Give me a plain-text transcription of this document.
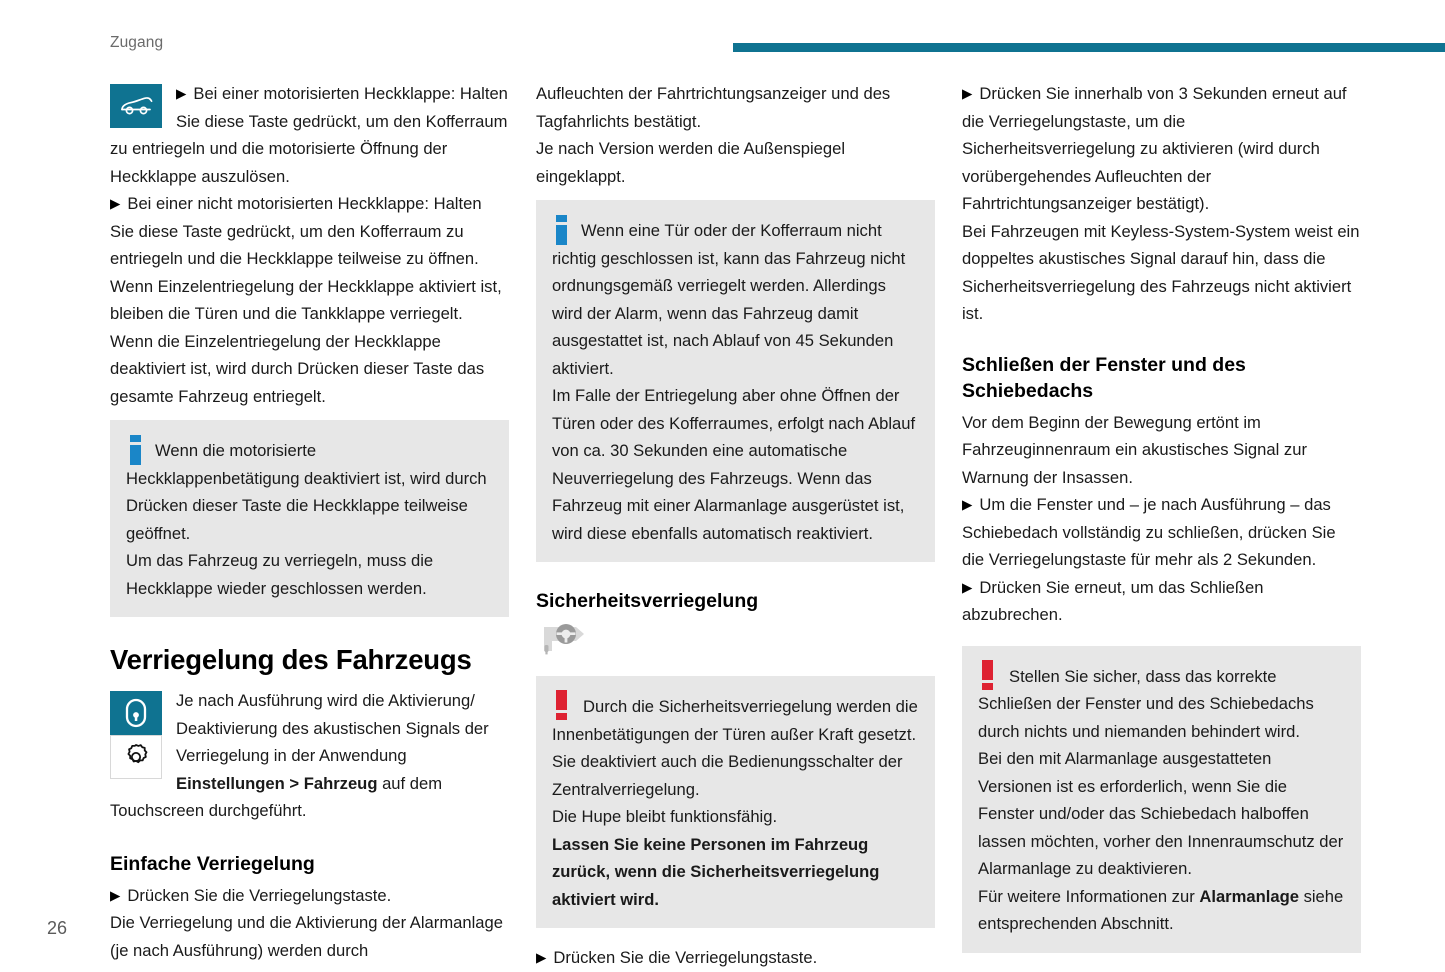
Zugang

▶ Bei einer motorisierten Heckklappe: Halten Sie diese Taste gedrückt, um den Kofferraum zu entriegeln und die motorisierte Öffnung der Heckklappe auszulösen.

▶ Bei einer nicht motorisierten Heckklappe: Halten Sie diese Taste gedrückt, um den Kofferraum zu entriegeln und die Heckklappe teilweise zu öffnen. Wenn Einzelentriegelung der Heckklappe aktiviert ist, bleiben die Türen und die Tankklappe verriegelt. Wenn die Einzelentriegelung der Heckklappe deaktiviert ist, wird durch Drücken dieser Taste das gesamte Fahrzeug entriegelt.

Wenn die motorisierte Heckklappenbetätigung deaktiviert ist, wird durch Drücken dieser Taste die Heckklappe teilweise geöffnet.

Um das Fahrzeug zu verriegeln, muss die Heckklappe wieder geschlossen werden.

Verriegelung des Fahrzeugs

Je nach Ausführung wird die Aktivierung/ Deaktivierung des akustischen Signals der Verriegelung in der Anwendung Einstellungen > Fahrzeug auf dem Touchscreen durchgeführt.

Einfache Verriegelung

▶ Drücken Sie die Verriegelungstaste.

Die Verriegelung und die Aktivierung der Alarmanlage (je nach Ausführung) werden durch

Aufleuchten der Fahrtrichtungsanzeiger und des Tagfahrlichts bestätigt.

Je nach Version werden die Außenspiegel eingeklappt.

Wenn eine Tür oder der Kofferraum nicht richtig geschlossen ist, kann das Fahrzeug nicht ordnungsgemäß verriegelt werden. Allerdings wird der Alarm, wenn das Fahrzeug damit ausgestattet ist, nach Ablauf von 45 Sekunden aktiviert.

Im Falle der Entriegelung aber ohne Öffnen der Türen oder des Kofferraumes, erfolgt nach Ablauf von ca. 30 Sekunden eine automatische Neuverriegelung des Fahrzeugs. Wenn das Fahrzeug mit einer Alarmanlage ausgerüstet ist, wird diese ebenfalls automatisch reaktiviert.

Sicherheitsverriegelung

Durch die Sicherheitsverriegelung werden die Innenbetätigungen der Türen außer Kraft gesetzt. Sie deaktiviert auch die Bedienungsschalter der Zentralverriegelung.

Die Hupe bleibt funktionsfähig.

Lassen Sie keine Personen im Fahrzeug zurück, wenn die Sicherheitsverriegelung aktiviert wird.

▶ Drücken Sie die Verriegelungstaste.

▶ Drücken Sie innerhalb von 3 Sekunden erneut auf die Verriegelungstaste, um die Sicherheitsverriegelung zu aktivieren (wird durch vorübergehendes Aufleuchten der Fahrtrichtungsanzeiger bestätigt).

Bei Fahrzeugen mit Keyless-System-System weist ein doppeltes akustisches Signal darauf hin, dass die Sicherheitsverriegelung des Fahrzeugs nicht aktiviert ist.

Schließen der Fenster und des Schiebedachs

Vor dem Beginn der Bewegung ertönt im Fahrzeuginnenraum ein akustisches Signal zur Warnung der Insassen.

▶ Um die Fenster und – je nach Ausführung – das Schiebedach vollständig zu schließen, drücken Sie die Verriegelungstaste für mehr als 2 Sekunden.

▶ Drücken Sie erneut, um das Schließen abzubrechen.

Stellen Sie sicher, dass das korrekte Schließen der Fenster und des Schiebedachs durch nichts und niemanden behindert wird.

Bei den mit Alarmanlage ausgestatteten Versionen ist es erforderlich, wenn Sie die Fenster und/oder das Schiebedach halboffen lassen möchten, vorher den Innenraumschutz der Alarmanlage zu deaktivieren.

Für weitere Informationen zur Alarmanlage siehe entsprechenden Abschnitt.

26
